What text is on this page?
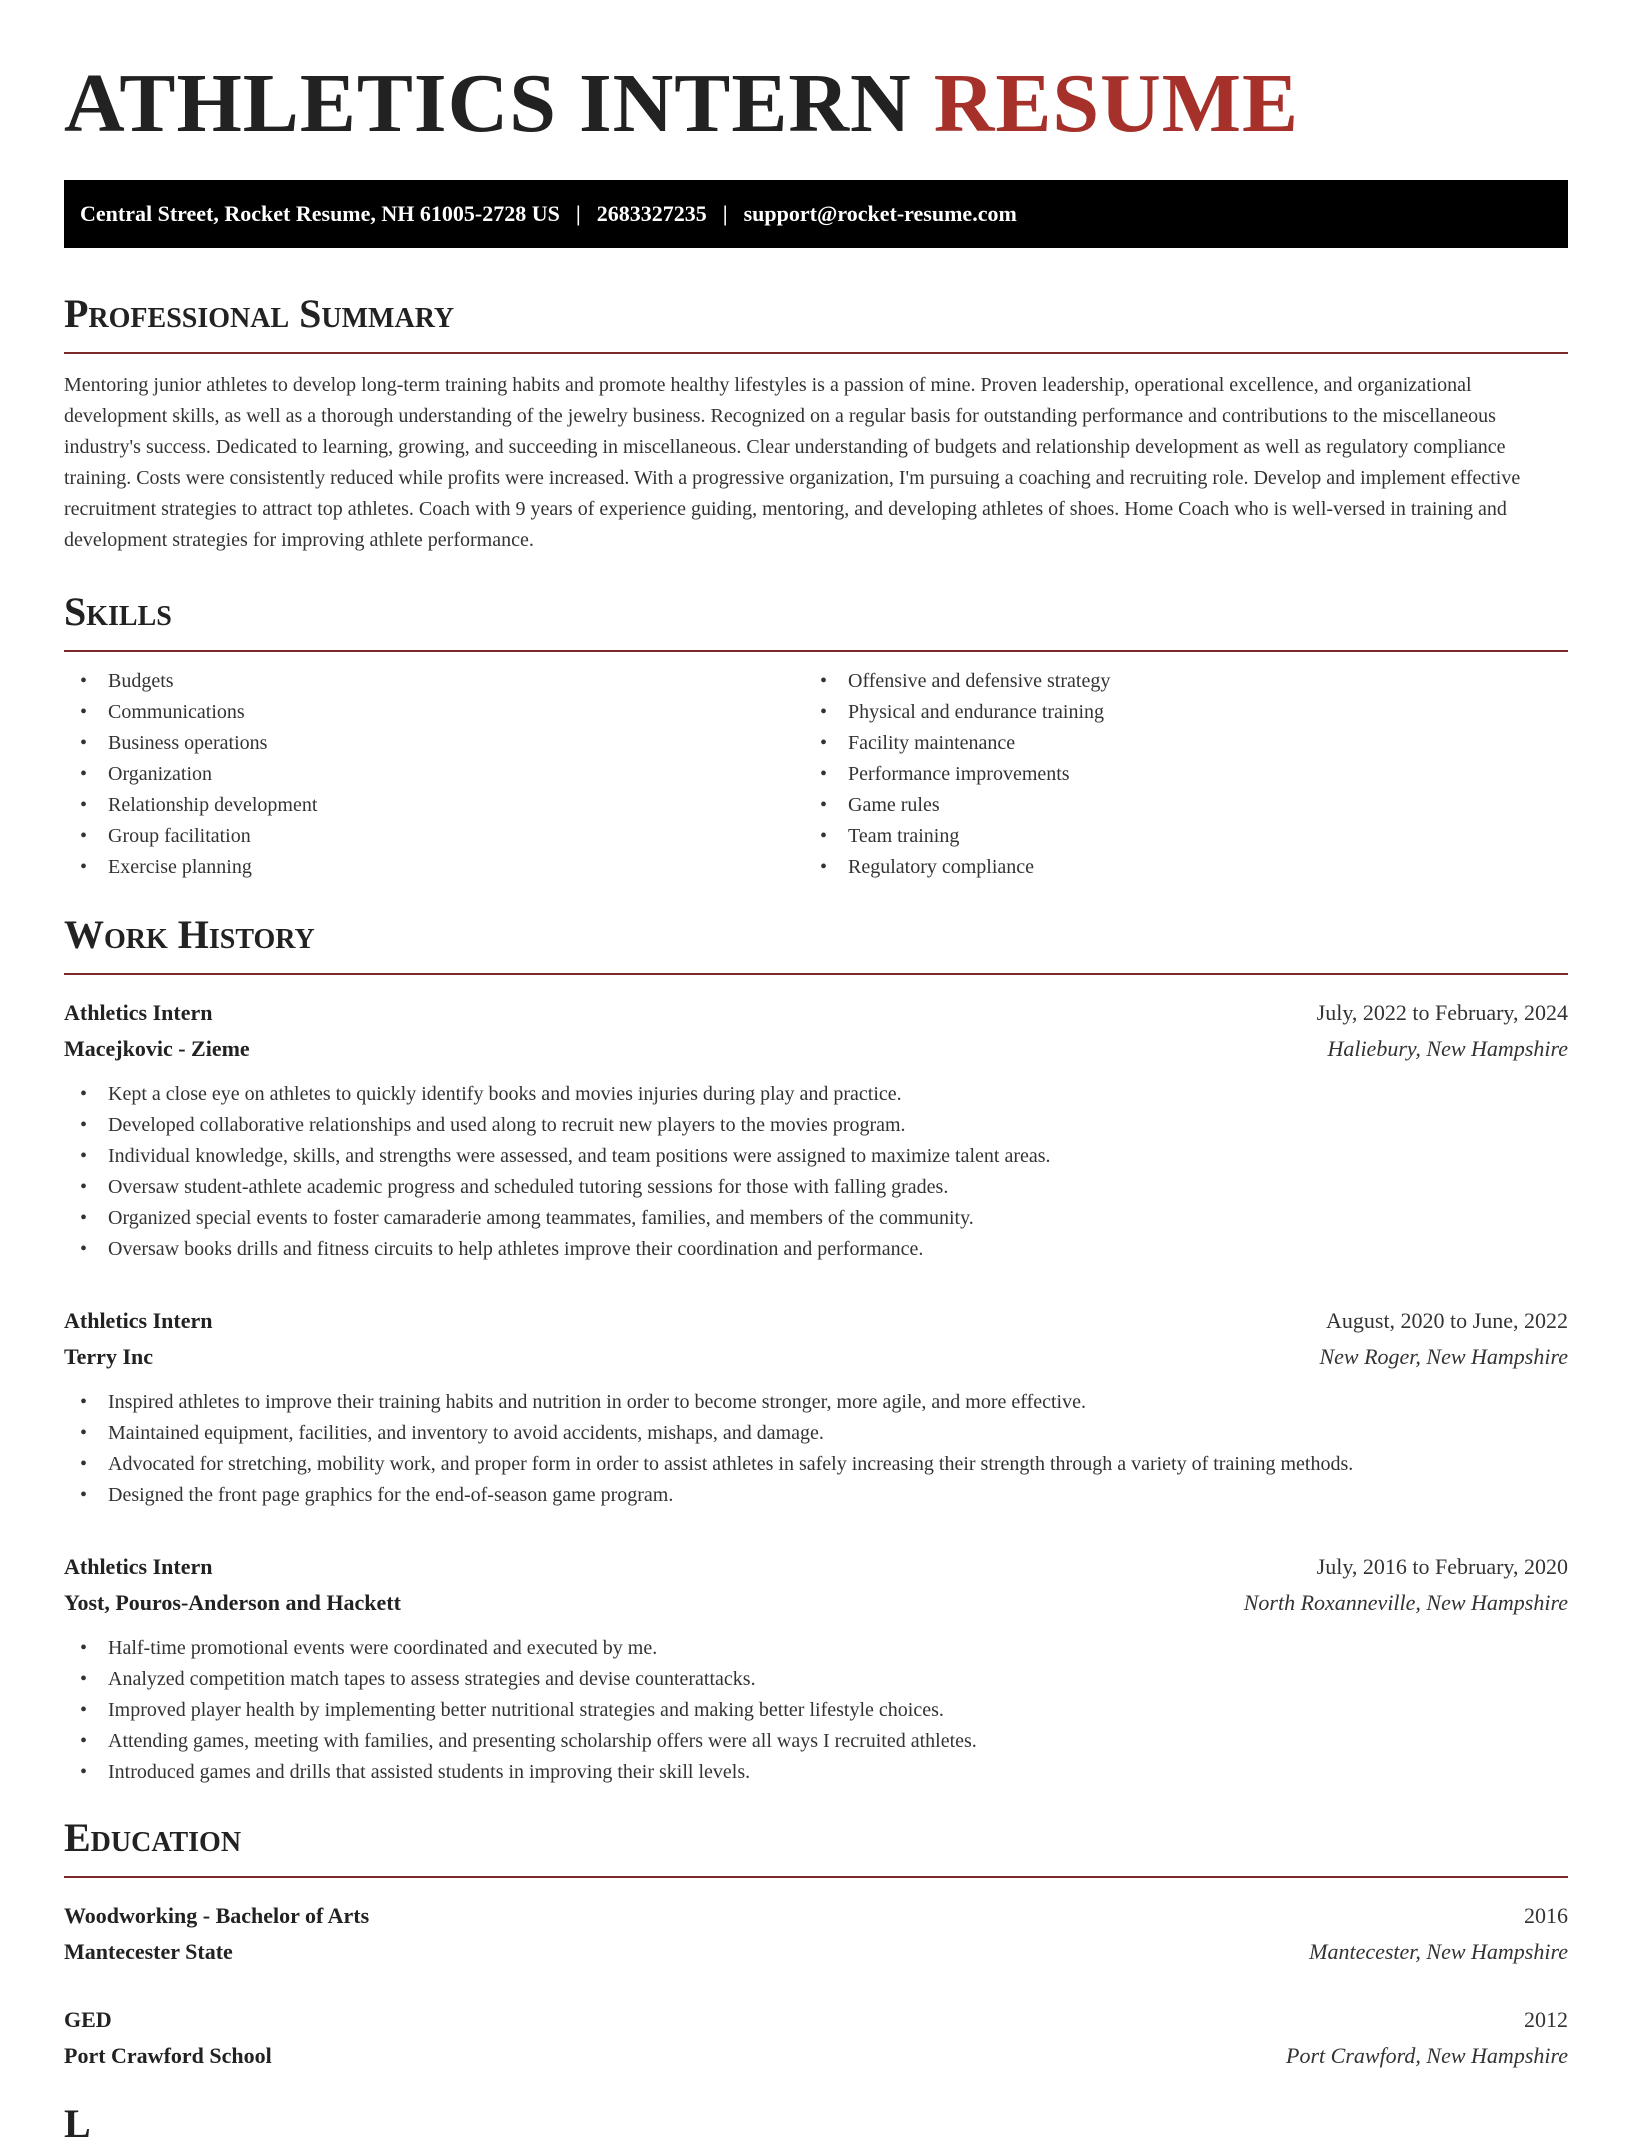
ATHLETICS INTERN RESUME
Central Street, Rocket Resume, NH 61005-2728 US | 2683327235 | support@rocket-resume.com
Professional Summary

Mentoring junior athletes to develop long-term training habits and promote healthy lifestyles is a passion of mine. Proven leadership, operational excellence, and organizational development skills, as well as a thorough understanding of the jewelry business. Recognized on a regular basis for outstanding performance and contributions to the miscellaneous industry's success. Dedicated to learning, growing, and succeeding in miscellaneous. Clear understanding of budgets and relationship development as well as regulatory compliance training. Costs were consistently reduced while profits were increased. With a progressive organization, I'm pursuing a coaching and recruiting role. Develop and implement effective recruitment strategies to attract top athletes. Coach with 9 years of experience guiding, mentoring, and developing athletes of shoes. Home Coach who is well-versed in training and development strategies for improving athlete performance.

Skills
• Budgets
• Communications
• Business operations
• Organization
• Relationship development
• Group facilitation
• Exercise planning
• Offensive and defensive strategy
• Physical and endurance training
• Facility maintenance
• Performance improvements
• Game rules
• Team training
• Regulatory compliance
Work History
Athletics Intern	July, 2022 to February, 2024
Macejkovic - Zieme	Haliebury, New Hampshire
• Kept a close eye on athletes to quickly identify books and movies injuries during play and practice.
• Developed collaborative relationships and used along to recruit new players to the movies program.
• Individual knowledge, skills, and strengths were assessed, and team positions were assigned to maximize talent areas.
• Oversaw student-athlete academic progress and scheduled tutoring sessions for those with falling grades.
• Organized special events to foster camaraderie among teammates, families, and members of the community.
• Oversaw books drills and fitness circuits to help athletes improve their coordination and performance.
Athletics Intern	August, 2020 to June, 2022
Terry Inc	New Roger, New Hampshire
• Inspired athletes to improve their training habits and nutrition in order to become stronger, more agile, and more effective.
• Maintained equipment, facilities, and inventory to avoid accidents, mishaps, and damage.
• Advocated for stretching, mobility work, and proper form in order to assist athletes in safely increasing their strength through a variety of training methods.
• Designed the front page graphics for the end-of-season game program.
Athletics Intern	July, 2016 to February, 2020
Yost, Pouros-Anderson and Hackett	North Roxanneville, New Hampshire
• Half-time promotional events were coordinated and executed by me.
• Analyzed competition match tapes to assess strategies and devise counterattacks.
• Improved player health by implementing better nutritional strategies and making better lifestyle choices.
• Attending games, meeting with families, and presenting scholarship offers were all ways I recruited athletes.
• Introduced games and drills that assisted students in improving their skill levels.
Education
Woodworking - Bachelor of Arts	2016
Mantecester State	Mantecester, New Hampshire
GED	2012
Port Crawford School	Port Crawford, New Hampshire
L
